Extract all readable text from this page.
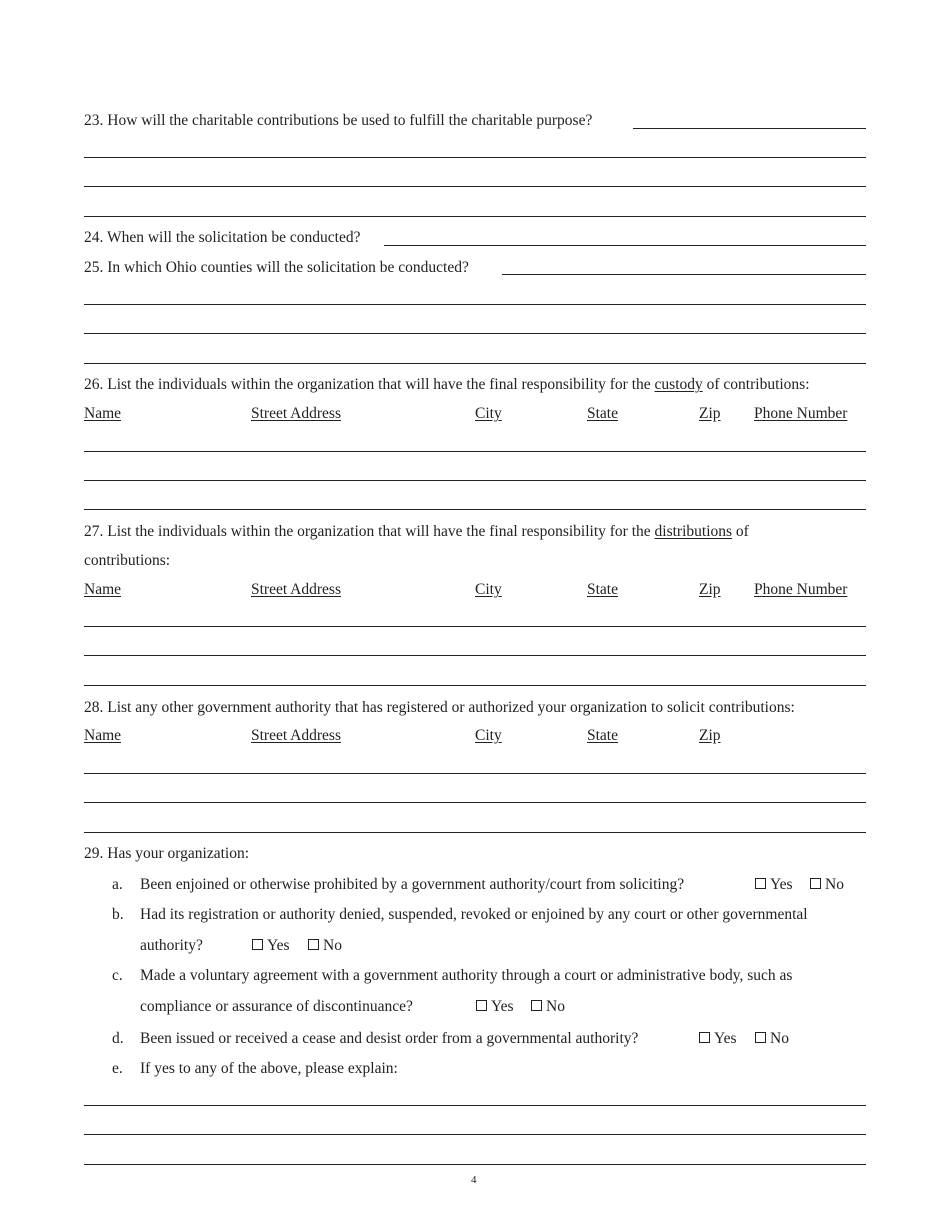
23. How will the charitable contributions be used to fulfill the charitable purpose?
24. When will the solicitation be conducted?
25. In which Ohio counties will the solicitation be conducted?
26. List the individuals within the organization that will have the final responsibility for the custody of contributions:
Name	Street Address	City	State	Zip Phone Number
27. List the individuals within the organization that will have the final responsibility for the distributions of
contributions:
Name	Street Address	City	State	Zip Phone Number
28. List any other government authority that has registered or authorized your organization to solicit contributions:
Name	Street Address	City	State	Zip
29. Has your organization:
a. Been enjoined or otherwise prohibited by a government authority/court from soliciting?	Yes	No
b. Had its registration or authority denied, suspended, revoked or enjoined by any court or other governmental
authority?	Yes	No
c. Made a voluntary agreement with a government authority through a court or administrative body, such as
compliance or assurance of discontinuance?	Yes	No
d. Been issued or received a cease and desist order from a governmental authority?	Yes	No
e. If yes to any of the above, please explain:
4
